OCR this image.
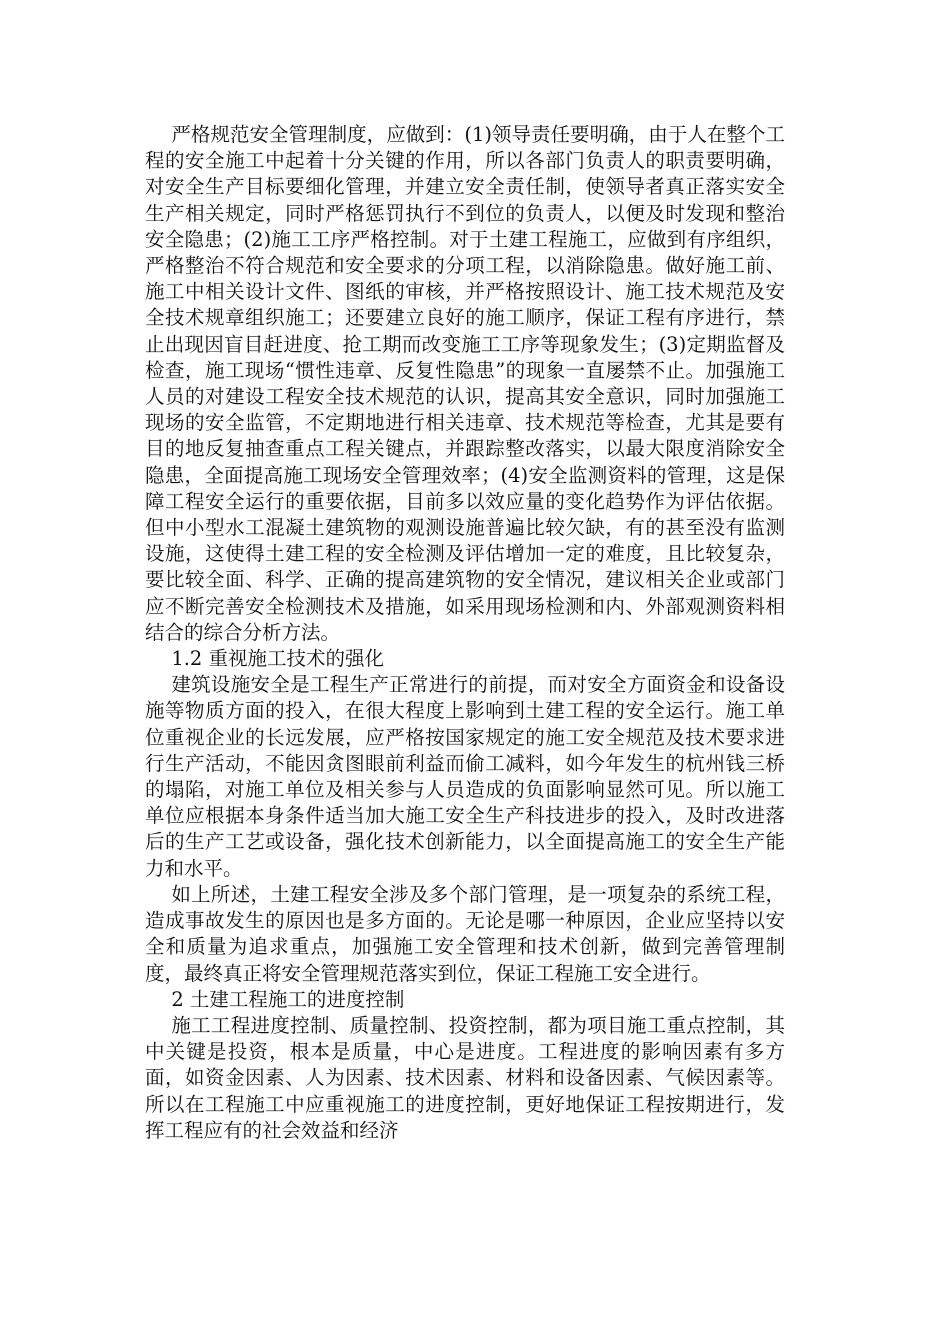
严格规范安全管理制度，应做到：(1)领导责任要明确，由于人在整个工程的安全施工中起着十分关键的作用，所以各部门负责人的职责要明确，对安全生产目标要细化管理，并建立安全责任制，使领导者真正落实安全生产相关规定，同时严格惩罚执行不到位的负责人，以便及时发现和整治安全隐患；(2)施工工序严格控制。对于土建工程施工，应做到有序组织，严格整治不符合规范和安全要求的分项工程，以消除隐患。做好施工前、施工中相关设计文件、图纸的审核，并严格按照设计、施工技术规范及安全技术规章组织施工；还要建立良好的施工顺序，保证工程有序进行，禁止出现因盲目赶进度、抢工期而改变施工工序等现象发生；(3)定期监督及检查，施工现场“惯性违章、反复性隐患”的现象一直屡禁不止。加强施工人员的对建设工程安全技术规范的认识，提高其安全意识，同时加强施工现场的安全监管，不定期地进行相关违章、技术规范等检查，尤其是要有目的地反复抽查重点工程关键点，并跟踪整改落实，以最大限度消除安全隐患，全面提高施工现场安全管理效率；(4)安全监测资料的管理，这是保障工程安全运行的重要依据，目前多以效应量的变化趋势作为评估依据。但中小型水工混凝土建筑物的观测设施普遍比较欠缺，有的甚至没有监测设施，这使得土建工程的安全检测及评估增加一定的难度，且比较复杂，要比较全面、科学、正确的提高建筑物的安全情况，建议相关企业或部门应不断完善安全检测技术及措施，如采用现场检测和内、外部观测资料相结合的综合分析方法。

1.2 重视施工技术的强化

建筑设施安全是工程生产正常进行的前提，而对安全方面资金和设备设施等物质方面的投入，在很大程度上影响到土建工程的安全运行。施工单位重视企业的长远发展，应严格按国家规定的施工安全规范及技术要求进行生产活动，不能因贪图眼前利益而偷工减料，如今年发生的杭州钱三桥的塌陷，对施工单位及相关参与人员造成的负面影响显然可见。所以施工单位应根据本身条件适当加大施工安全生产科技进步的投入，及时改进落后的生产工艺或设备，强化技术创新能力，以全面提高施工的安全生产能力和水平。

如上所述，土建工程安全涉及多个部门管理，是一项复杂的系统工程，造成事故发生的原因也是多方面的。无论是哪一种原因，企业应坚持以安全和质量为追求重点，加强施工安全管理和技术创新，做到完善管理制度，最终真正将安全管理规范落实到位，保证工程施工安全进行。

2 土建工程施工的进度控制

施工工程进度控制、质量控制、投资控制，都为项目施工重点控制，其中关键是投资，根本是质量，中心是进度。工程进度的影响因素有多方面，如资金因素、人为因素、技术因素、材料和设备因素、气候因素等。所以在工程施工中应重视施工的进度控制，更好地保证工程按期进行，发挥工程应有的社会效益和经济
